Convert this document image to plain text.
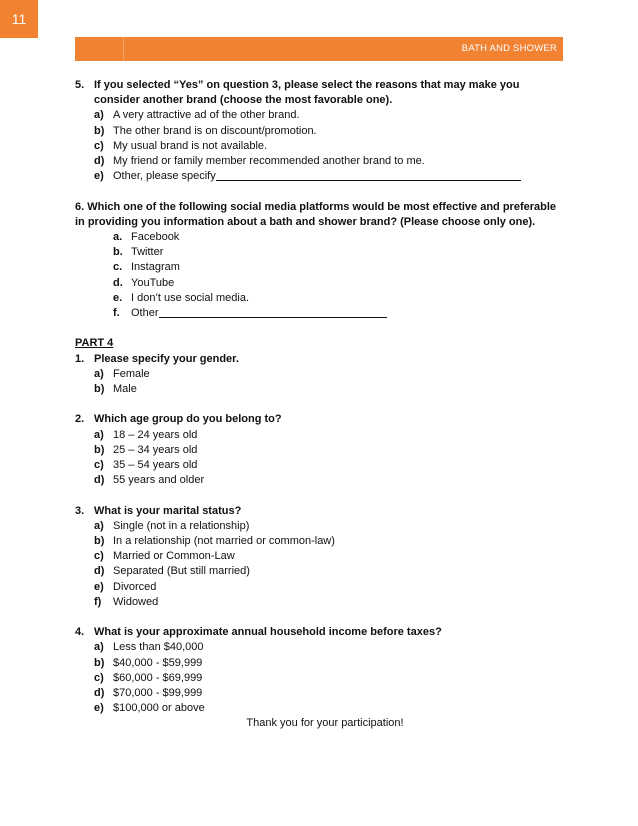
11
BATH AND SHOWER
5. If you selected “Yes” on question 3, please select the reasons that may make you consider another brand (choose the most favorable one).
a) A very attractive ad of the other brand.
b) The other brand is on discount/promotion.
c) My usual brand is not available.
d) My friend or family member recommended another brand to me.
e) Other, please specify
6. Which one of the following social media platforms would be most effective and preferable in providing you information about a bath and shower brand? (Please choose only one).
a. Facebook
b. Twitter
c. Instagram
d. YouTube
e. I don’t use social media.
f.	Other
PART 4
1. Please specify your gender.
a) Female
b) Male
2. Which age group do you belong to?
a) 18 – 24 years old
b) 25 – 34 years old
c) 35 – 54 years old
d) 55 years and older
3. What is your marital status?
a) Single (not in a relationship)
b) In a relationship (not married or common-law)
c) Married or Common-Law
d) Separated (But still married)
e) Divorced
f)	Widowed
4. What is your approximate annual household income before taxes?
a) Less than $40,000
b) $40,000 - $59,999
c) $60,000 - $69,999
d) $70,000 - $99,999
e) $100,000 or above
Thank you for your participation!
